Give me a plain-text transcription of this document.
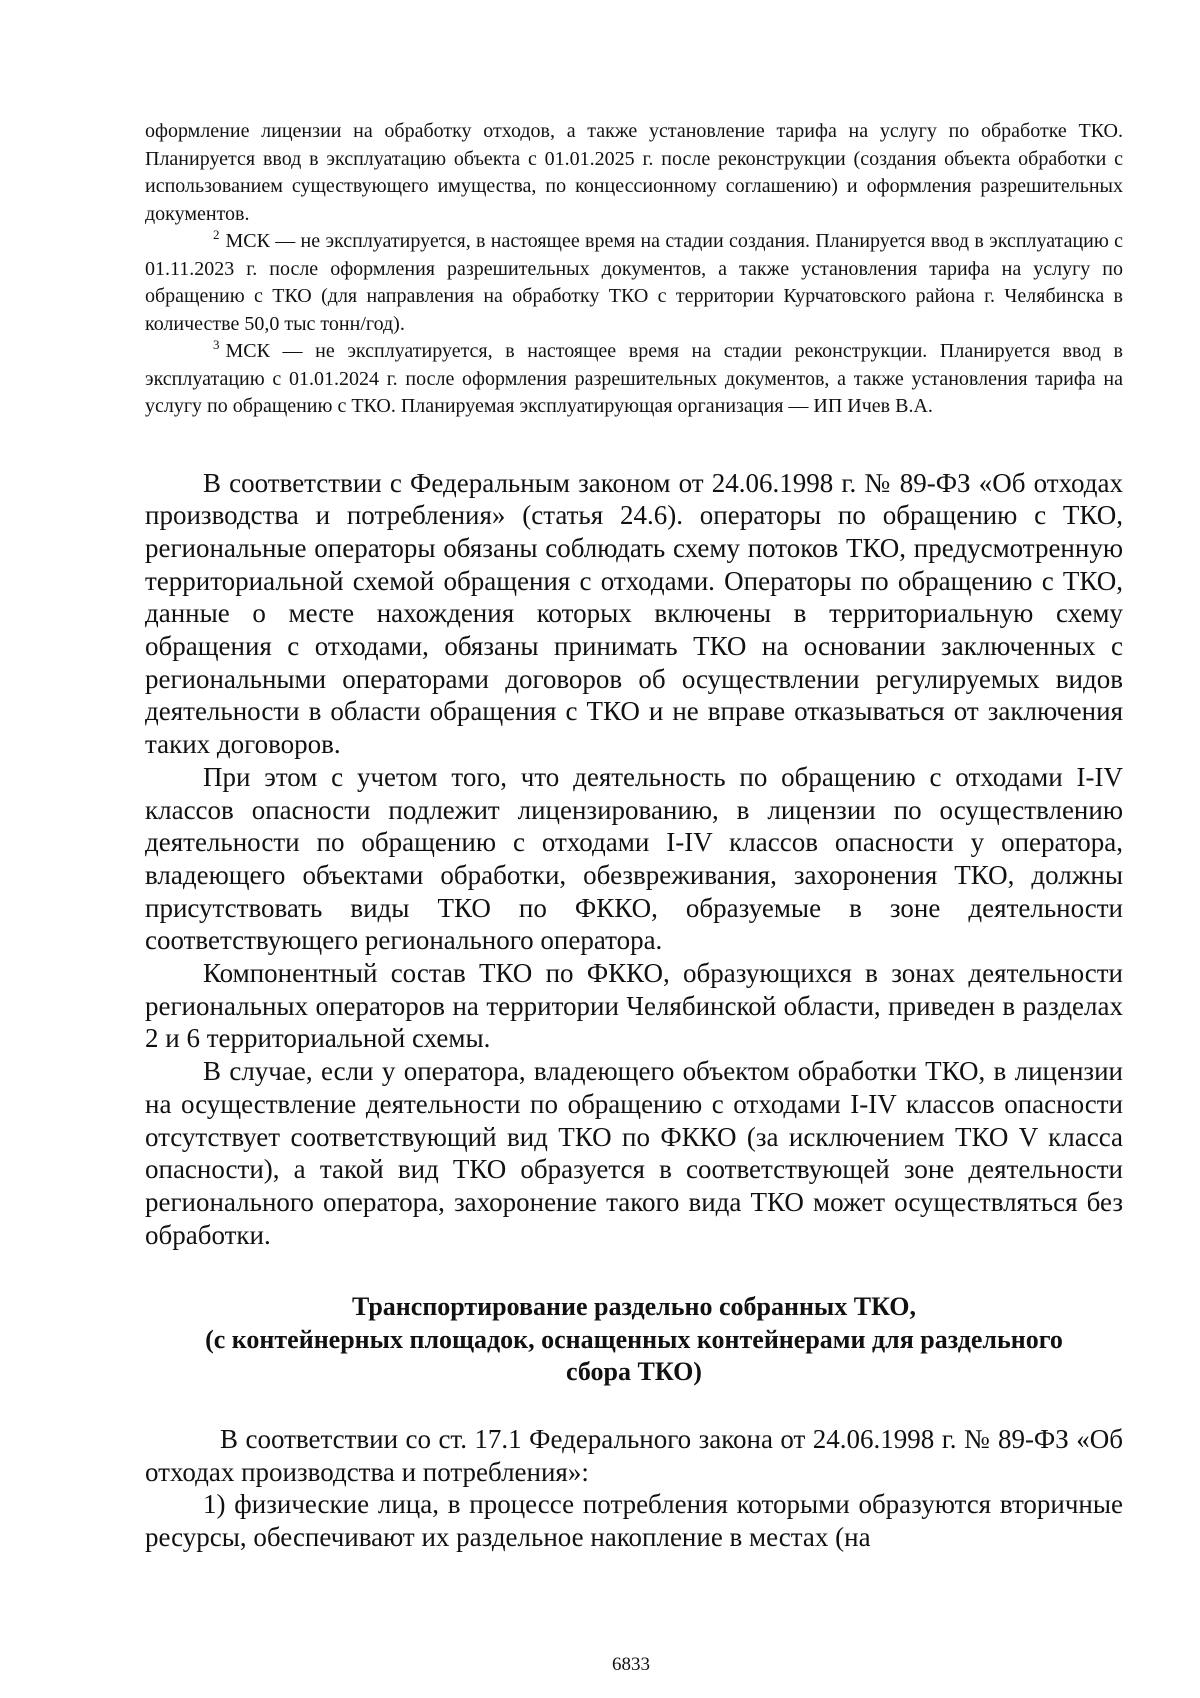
оформление лицензии на обработку отходов, а также установление тарифа на услугу по обработке ТКО. Планируется ввод в эксплуатацию объекта с 01.01.2025 г. после реконструкции (создания объекта обработки с использованием существующего имущества, по концессионному соглашению) и оформления разрешительных документов.

$^2$ МСК — не эксплуатируется, в настоящее время на стадии создания. Планируется ввод в эксплуатацию с 01.11.2023 г. после оформления разрешительных документов, а также установления тарифа на услугу по обращению с ТКО (для направления на обработку ТКО с территории Курчатовского района г. Челябинска в количестве 50,0 тыс тонн/год).

$^3$ МСК — не эксплуатируется, в настоящее время на стадии реконструкции. Планируется ввод в эксплуатацию с 01.01.2024 г. после оформления разрешительных документов, а также установления тарифа на услугу по обращению с ТКО. Планируемая эксплуатирующая организация — ИП Ичев В.А.

В соответствии с Федеральным законом от 24.06.1998 г. № 89-ФЗ «Об отходах производства и потребления» (статья 24.6). операторы по обращению с ТКО, региональные операторы обязаны соблюдать схему потоков ТКО, предусмотренную территориальной схемой обращения с отходами. Операторы по обращению с ТКО, данные о месте нахождения которых включены в территориальную схему обращения с отходами, обязаны принимать ТКО на основании заключенных с региональными операторами договоров об осуществлении регулируемых видов деятельности в области обращения с ТКО и не вправе отказываться от заключения таких договоров.

При этом с учетом того, что деятельность по обращению с отходами I-IV классов опасности подлежит лицензированию, в лицензии по осуществлению деятельности по обращению с отходами I-IV классов опасности у оператора, владеющего объектами обработки, обезвреживания, захоронения ТКО, должны присутствовать виды ТКО по ФККО, образуемые в зоне деятельности соответствующего регионального оператора.

Компонентный состав ТКО по ФККО, образующихся в зонах деятельности региональных операторов на территории Челябинской области, приведен в разделах 2 и 6 территориальной схемы.

В случае, если у оператора, владеющего объектом обработки ТКО, в лицензии на осуществление деятельности по обращению с отходами I-IV классов опасности отсутствует соответствующий вид ТКО по ФККО (за исключением ТКО V класса опасности), а такой вид ТКО образуется в соответствующей зоне деятельности регионального оператора, захоронение такого вида ТКО может осуществляться без обработки.

Транспортирование раздельно собранных ТКО,
(с контейнерных площадок, оснащенных контейнерами для раздельного
сбора ТКО)

В соответствии со ст. 17.1 Федерального закона от 24.06.1998 г. № 89-ФЗ «Об отходах производства и потребления»:

1) физические лица, в процессе потребления которыми образуются вторичные ресурсы, обеспечивают их раздельное накопление в местах (на

6833
